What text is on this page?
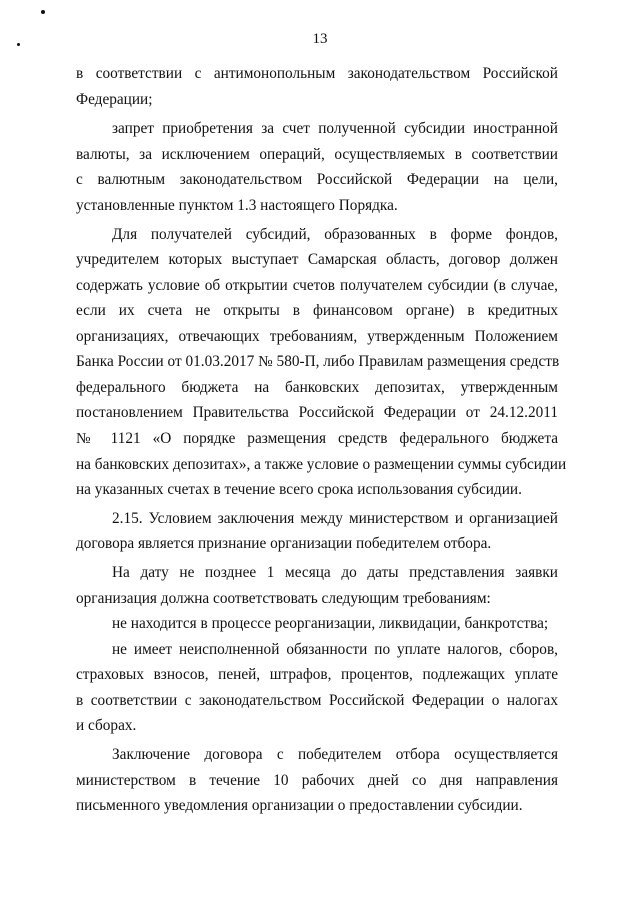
13
в соответствии с антимонопольным законодательством Российской
Федерации;
запрет приобретения за счет полученной субсидии иностранной
валюты, за исключением операций, осуществляемых в соответствии
с валютным законодательством Российской Федерации на цели,
установленные пунктом 1.3 настоящего Порядка.
Для получателей субсидий, образованных в форме фондов,
учредителем которых выступает Самарская область, договор должен
содержать условие об открытии счетов получателем субсидии (в случае,
если их счета не открыты в финансовом органе) в кредитных
организациях, отвечающих требованиям, утвержденным Положением
Банка России от 01.03.2017 № 580-П, либо Правилам размещения средств
федерального бюджета на банковских депозитах, утвержденным
постановлением Правительства Российской Федерации от 24.12.2011
№ 1121 «О порядке размещения средств федерального бюджета
на банковских депозитах», а также условие о размещении суммы субсидии
на указанных счетах в течение всего срока использования субсидии.
2.15. Условием заключения между министерством и организацией
договора является признание организации победителем отбора.
На дату не позднее 1 месяца до даты представления заявки
организация должна соответствовать следующим требованиям:
не находится в процессе реорганизации, ликвидации, банкротства;
не имеет неисполненной обязанности по уплате налогов, сборов,
страховых взносов, пеней, штрафов, процентов, подлежащих уплате
в соответствии с законодательством Российской Федерации о налогах
и сборах.
Заключение договора с победителем отбора осуществляется
министерством в течение 10 рабочих дней со дня направления
письменного уведомления организации о предоставлении субсидии.
